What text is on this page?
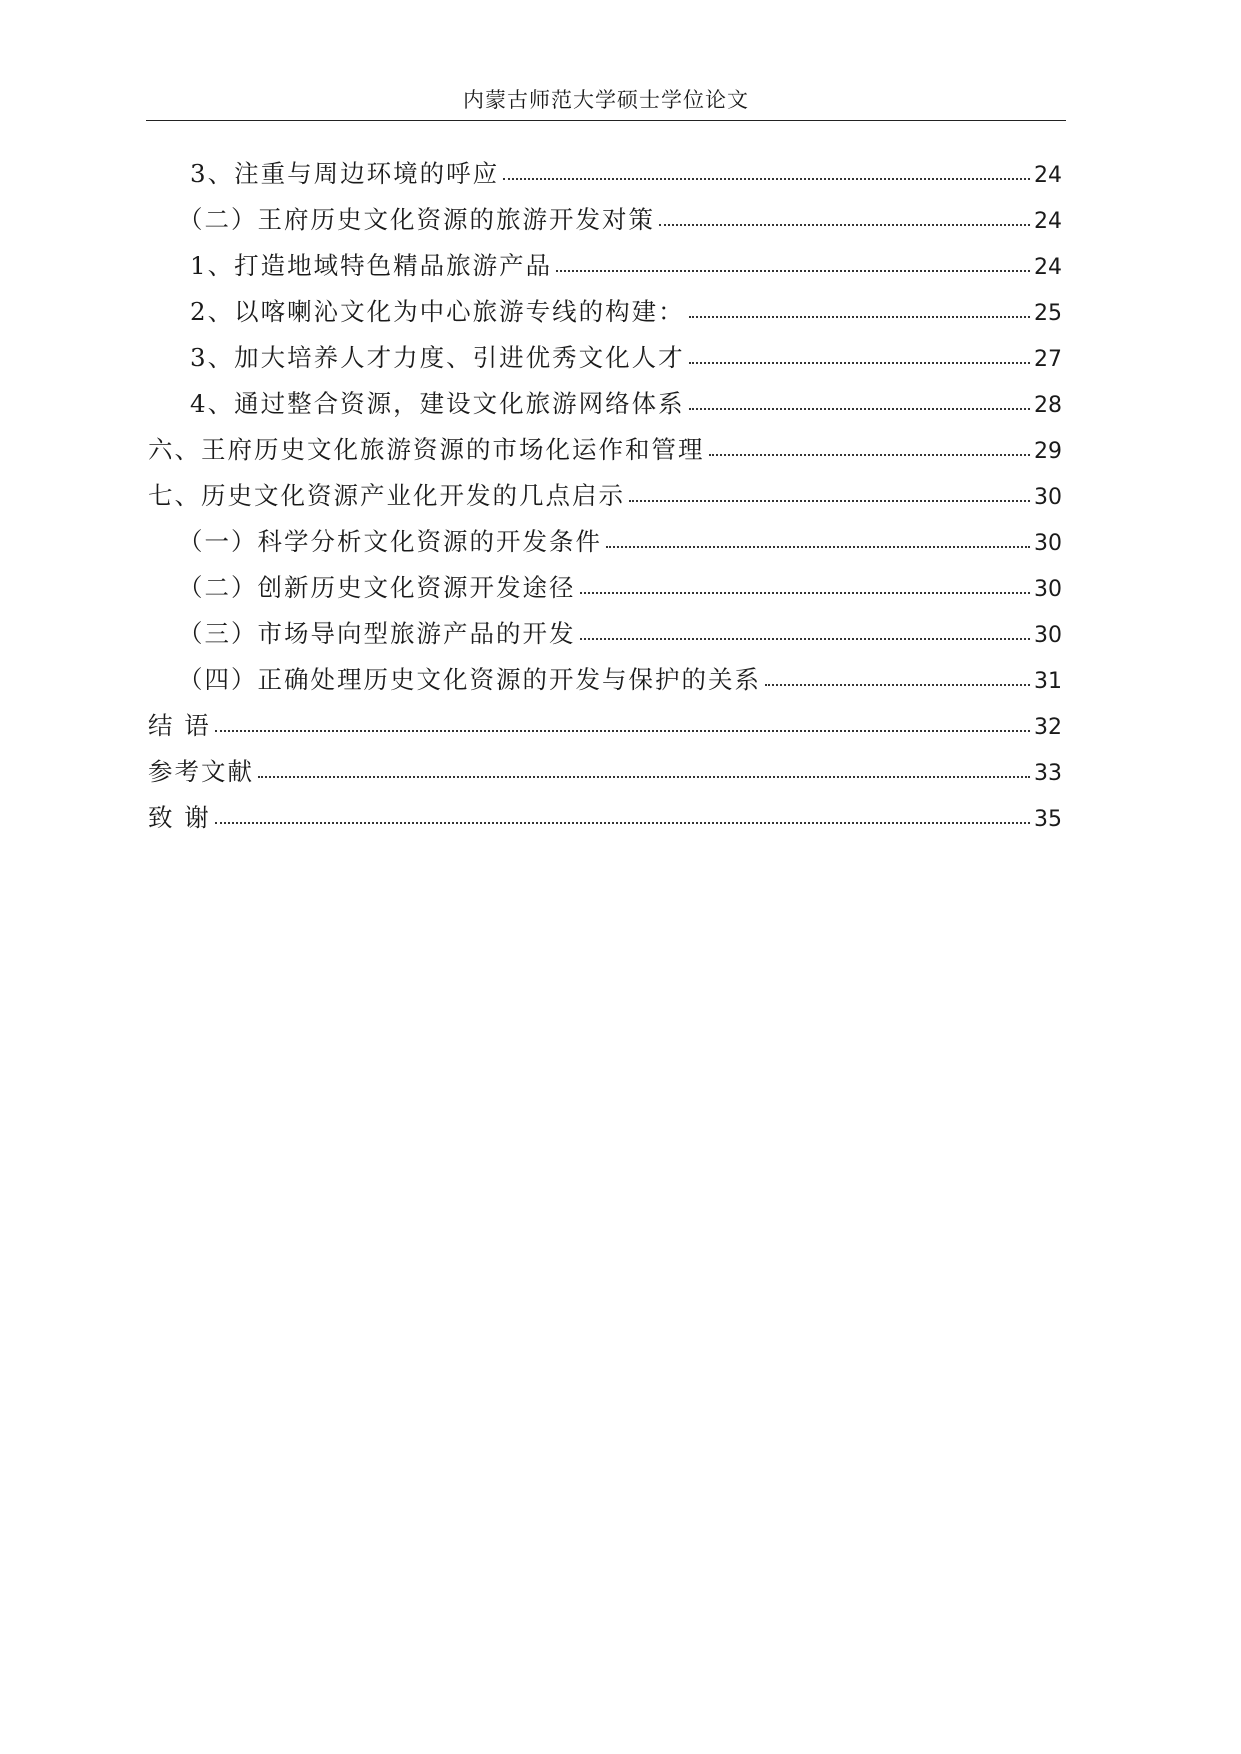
内蒙古师范大学硕士学位论文
3、注重与周边环境的呼应	24
（二）王府历史文化资源的旅游开发对策	24
1、打造地域特色精品旅游产品	24
2、以喀喇沁文化为中心旅游专线的构建：	25
3、加大培养人才力度、引进优秀文化人才	27
4、通过整合资源，建设文化旅游网络体系	28
六、王府历史文化旅游资源的市场化运作和管理	29
七、历史文化资源产业化开发的几点启示	30
（一）科学分析文化资源的开发条件	30
（二）创新历史文化资源开发途径	30
（三）市场导向型旅游产品的开发	30
（四）正确处理历史文化资源的开发与保护的关系	31
结 语	32
参考文献	33
致 谢	35
